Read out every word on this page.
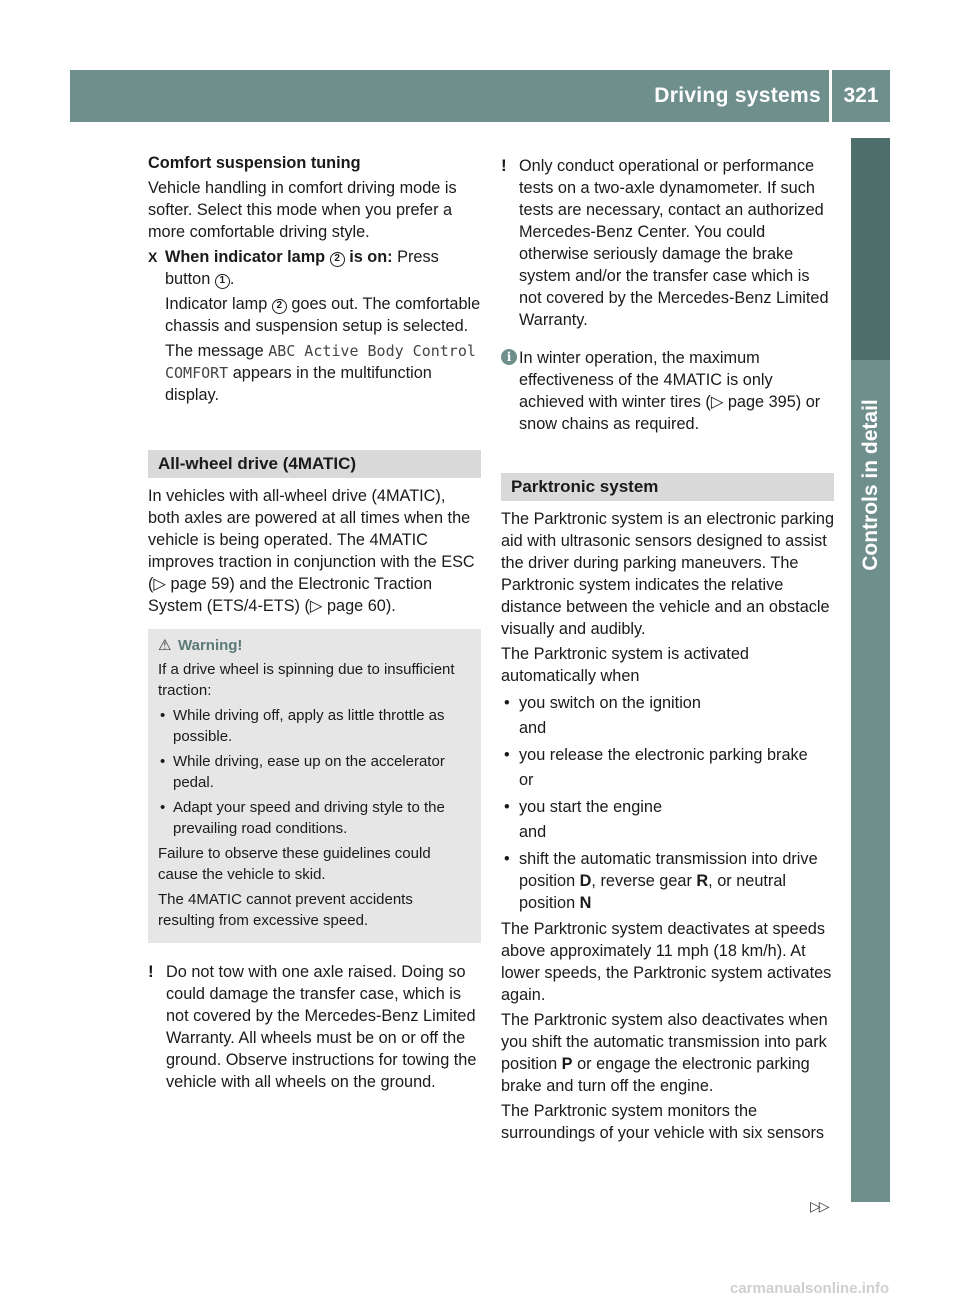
Driving systems	321
Controls in detail

Comfort suspension tuning

Vehicle handling in comfort driving mode is softer. Select this mode when you prefer a more comfortable driving style.

X When indicator lamp 2 is on: Press button 1 .
Indicator lamp 2 goes out. The comfortable chassis and suspension setup is selected.
The message ABC Active Body Control COMFORT appears in the multifunction display.
All-wheel drive (4MATIC)

In vehicles with all-wheel drive (4MATIC), both axles are powered at all times when the vehicle is being operated. The 4MATIC improves traction in conjunction with the ESC (▷ page 59) and the Electronic Traction System (ETS/4-ETS) (▷ page 60).

⚠ Warning!

If a drive wheel is spinning due to insufficient traction:

• While driving off, apply as little throttle as possible.
• While driving, ease up on the accelerator pedal.
• Adapt your speed and driving style to the prevailing road conditions.

Failure to observe these guidelines could cause the vehicle to skid.

The 4MATIC cannot prevent accidents resulting from excessive speed.

! Do not tow with one axle raised. Doing so could damage the transfer case, which is not covered by the Mercedes-Benz Limited Warranty. All wheels must be on or off the ground. Observe instructions for towing the vehicle with all wheels on the ground.
! Only conduct operational or performance tests on a two-axle dynamometer. If such tests are necessary, contact an authorized Mercedes-Benz Center. You could otherwise seriously damage the brake system and/or the transfer case which is not covered by the Mercedes-Benz Limited Warranty.
i In winter operation, the maximum effectiveness of the 4MATIC is only achieved with winter tires (▷ page 395) or snow chains as required.
Parktronic system

The Parktronic system is an electronic parking aid with ultrasonic sensors designed to assist the driver during parking maneuvers. The Parktronic system indicates the relative distance between the vehicle and an obstacle visually and audibly.

The Parktronic system is activated automatically when

• you switch on the ignition
and
• you release the electronic parking brake
or
• you start the engine
and
• shift the automatic transmission into drive position D, reverse gear R, or neutral position N

The Parktronic system deactivates at speeds above approximately 11 mph (18 km/h). At lower speeds, the Parktronic system activates again.

The Parktronic system also deactivates when you shift the automatic transmission into park position P or engage the electronic parking brake and turn off the engine.

The Parktronic system monitors the surroundings of your vehicle with six sensors

▷▷
carmanualsonline.info
